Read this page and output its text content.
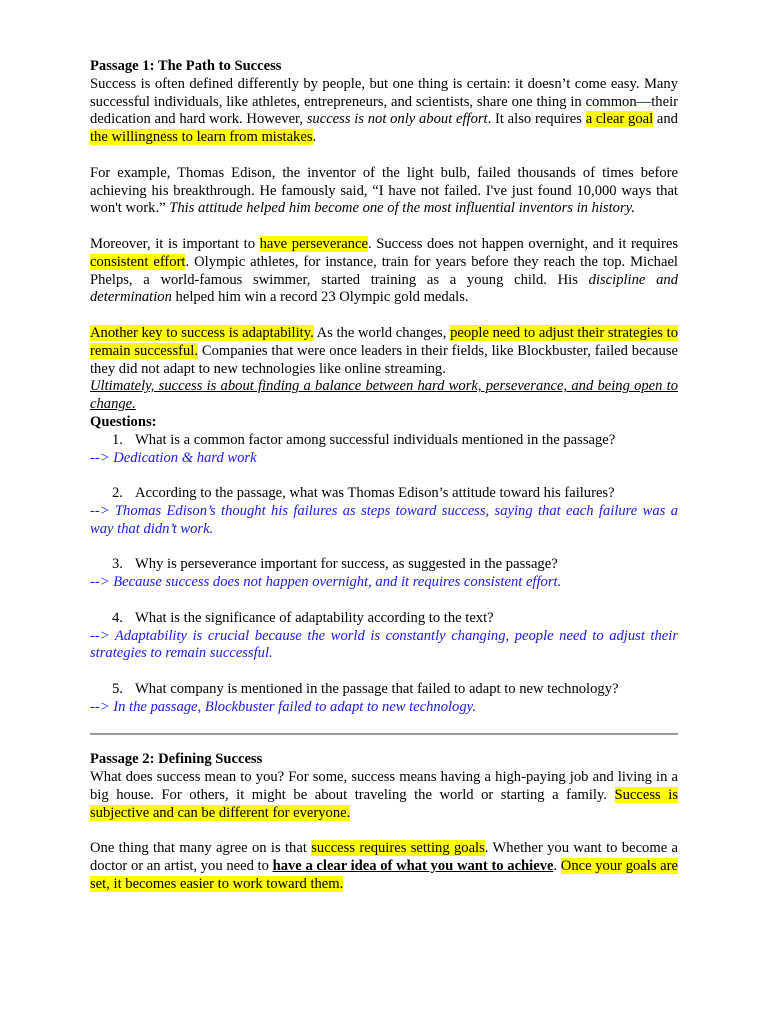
Passage 1: The Path to Success

Success is often defined differently by people, but one thing is certain: it doesn’t come easy. Many successful individuals, like athletes, entrepreneurs, and scientists, share one thing in common—their dedication and hard work. However, success is not only about effort. It also requires a clear goal and the willingness to learn from mistakes.

For example, Thomas Edison, the inventor of the light bulb, failed thousands of times before achieving his breakthrough. He famously said, “I have not failed. I've just found 10,000 ways that won't work.” This attitude helped him become one of the most influential inventors in history.

Moreover, it is important to have perseverance. Success does not happen overnight, and it requires consistent effort. Olympic athletes, for instance, train for years before they reach the top. Michael Phelps, a world-famous swimmer, started training as a young child. His discipline and determination helped him win a record 23 Olympic gold medals.

Another key to success is adaptability. As the world changes, people need to adjust their strategies to remain successful. Companies that were once leaders in their fields, like Blockbuster, failed because they did not adapt to new technologies like online streaming.

Ultimately, success is about finding a balance between hard work, perseverance, and being open to change.

Questions:

1. What is a common factor among successful individuals mentioned in the passage?

--> Dedication & hard work

2. According to the passage, what was Thomas Edison’s attitude toward his failures?

--> Thomas Edison’s thought his failures as steps toward success, saying that each failure was a way that didn’t work.

3. Why is perseverance important for success, as suggested in the passage?

--> Because success does not happen overnight, and it requires consistent effort.

4. What is the significance of adaptability according to the text?

--> Adaptability is crucial because the world is constantly changing, people need to adjust their strategies to remain successful.

5. What company is mentioned in the passage that failed to adapt to new technology?

--> In the passage, Blockbuster failed to adapt to new technology.

Passage 2: Defining Success

What does success mean to you? For some, success means having a high-paying job and living in a big house. For others, it might be about traveling the world or starting a family. Success is subjective and can be different for everyone.

One thing that many agree on is that success requires setting goals. Whether you want to become a doctor or an artist, you need to have a clear idea of what you want to achieve. Once your goals are set, it becomes easier to work toward them.
